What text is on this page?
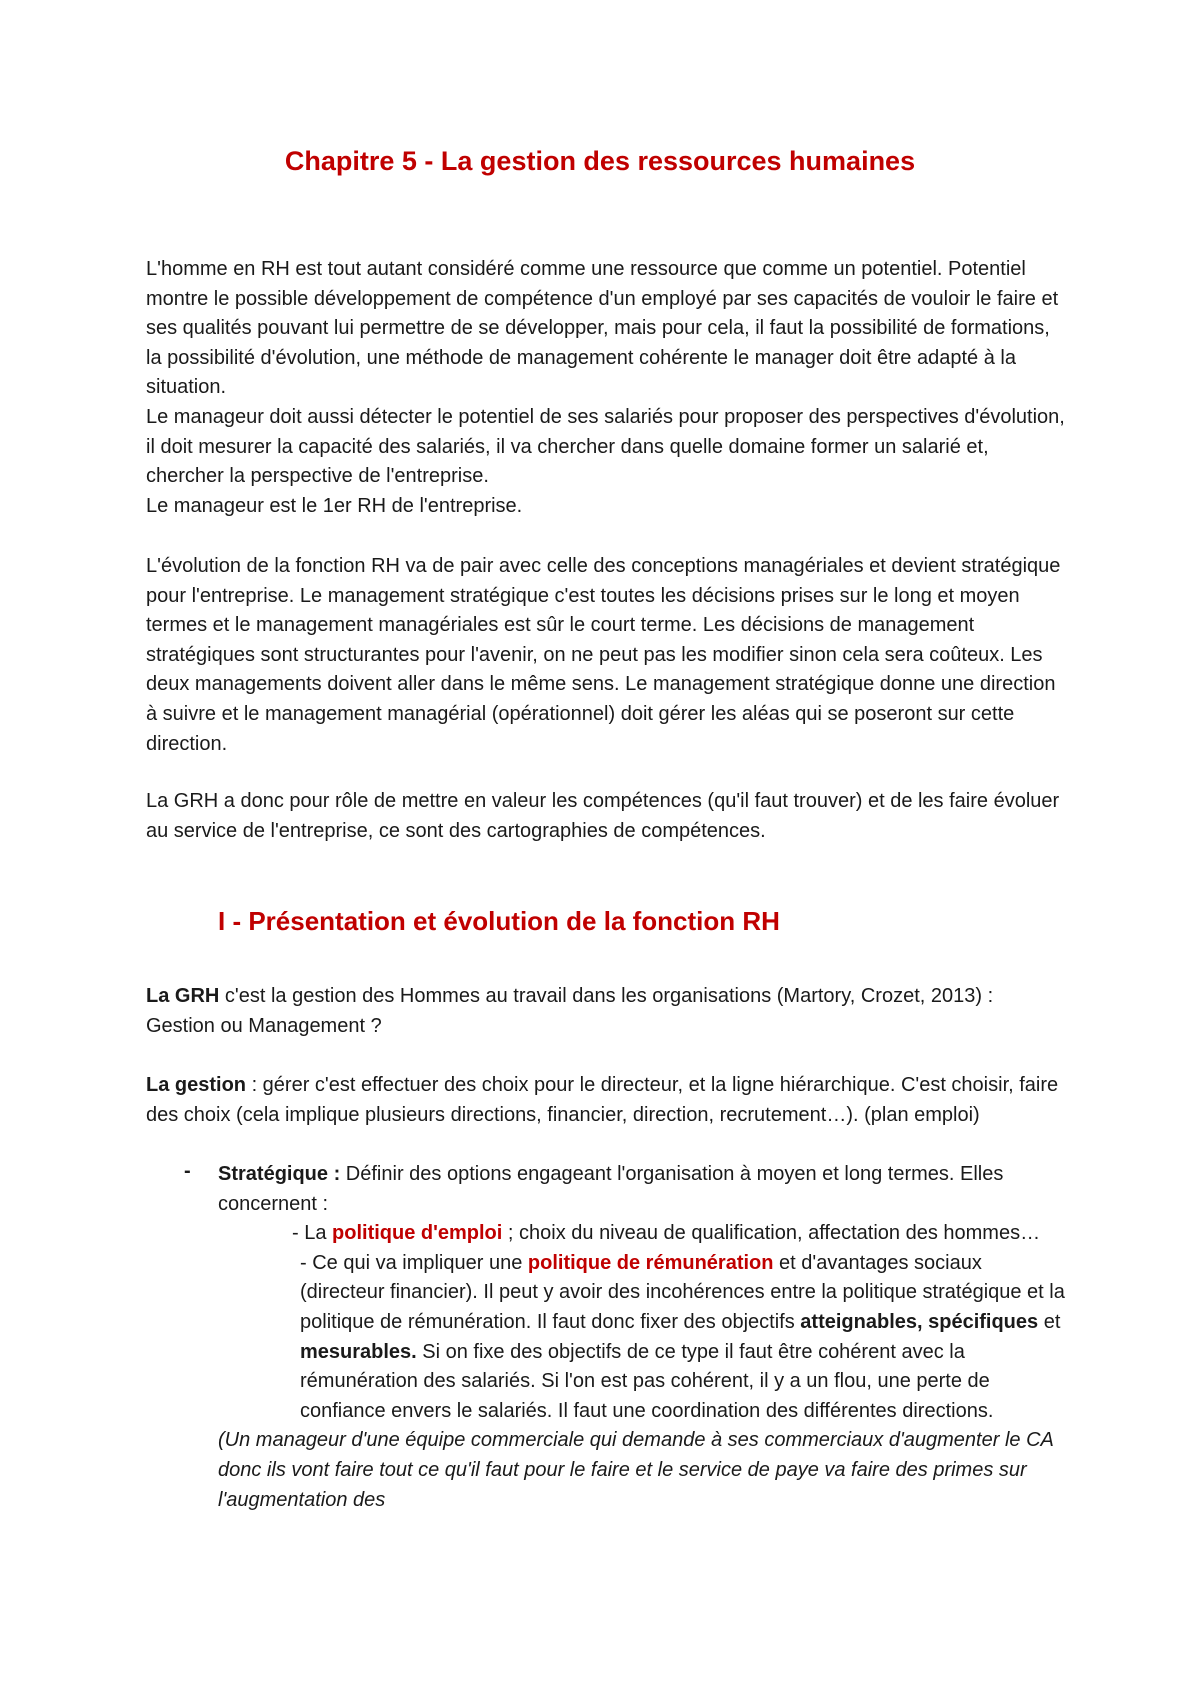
Chapitre 5 - La gestion des ressources humaines

L'homme en RH est tout autant considéré comme une ressource que comme un potentiel. Potentiel montre le possible développement de compétence d'un employé par ses capacités de vouloir le faire et ses qualités pouvant lui permettre de se développer, mais pour cela, il faut la possibilité de formations, la possibilité d'évolution, une méthode de management cohérente le manager doit être adapté à la situation.

Le manageur doit aussi détecter le potentiel de ses salariés pour proposer des perspectives d'évolution, il doit mesurer la capacité des salariés, il va chercher dans quelle domaine former un salarié et, chercher la perspective de l'entreprise.

Le manageur est le 1er RH de l'entreprise.

L'évolution de la fonction RH va de pair avec celle des conceptions managériales et devient stratégique pour l'entreprise. Le management stratégique c'est toutes les décisions prises sur le long et moyen termes et le management managériales est sûr le court terme. Les décisions de management stratégiques sont structurantes pour l'avenir, on ne peut pas les modifier sinon cela sera coûteux. Les deux managements doivent aller dans le même sens. Le management stratégique donne une direction à suivre et le management managérial (opérationnel) doit gérer les aléas qui se poseront sur cette direction.

La GRH a donc pour rôle de mettre en valeur les compétences (qu'il faut trouver) et de les faire évoluer au service de l'entreprise, ce sont des cartographies de compétences.

I - Présentation et évolution de la fonction RH

La GRH c'est la gestion des Hommes au travail dans les organisations (Martory, Crozet, 2013) : Gestion ou Management ?

La gestion : gérer c'est effectuer des choix pour le directeur, et la ligne hiérarchique. C'est choisir, faire des choix (cela implique plusieurs directions, financier, direction, recrutement…). (plan emploi)

- Stratégique : Définir des options engageant l'organisation à moyen et long termes. Elles concernent :

- La politique d'emploi ; choix du niveau de qualification, affectation des hommes…

- Ce qui va impliquer une politique de rémunération et d'avantages sociaux (directeur financier). Il peut y avoir des incohérences entre la politique stratégique et la politique de rémunération. Il faut donc fixer des objectifs atteignables, spécifiques et mesurables. Si on fixe des objectifs de ce type il faut être cohérent avec la rémunération des salariés. Si l'on est pas cohérent, il y a un flou, une perte de confiance envers le salariés. Il faut une coordination des différentes directions.

(Un manageur d'une équipe commerciale qui demande à ses commerciaux d'augmenter le CA donc ils vont faire tout ce qu'il faut pour le faire et le service de paye va faire des primes sur l'augmentation des
